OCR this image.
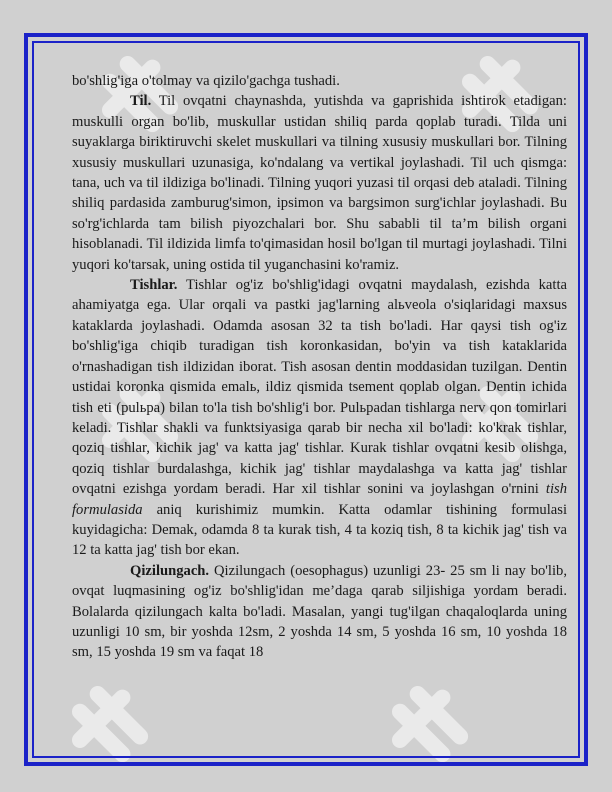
bo'shlig'iga o'tolmay va qizilo'gachga tushadi.

Til. Til ovqatni chaynashda, yutishda va gaprishida ishtirok etadigan: muskulli organ bo'lib, muskullar ustidan shiliq parda qoplab turadi. Tilda uni suyaklarga biriktiruvchi skelet muskullari va tilning xususiy muskullari bor. Tilning xususiy muskullari uzunasiga, ko'ndalang va vertikal joylashadi. Til uch qismga: tana, uch va til ildiziga bo'linadi. Tilning yuqori yuzasi til orqasi deb ataladi. Tilning shiliq pardasida zamburug'simon, ipsimon va bargsimon surg'ichlar joylashadi. Bu so'rg'ichlarda tam bilish piyozchalari bor. Shu sababli til ta’m bilish organi hisoblanadi. Til ildizida limfa to'qimasidan hosil bo'lgan til murtagi joylashadi. Tilni yuqori ko'tarsak, uning ostida til yuganchasini ko'ramiz.

Tishlar. Tishlar og'iz bo'shlig'idagi ovqatni maydalash, ezishda katta ahamiyatga ega. Ular orqali va pastki jag'larning alьveola o'siqlaridagi maxsus kataklarda joylashadi. Odamda asosan 32 ta tish bo'ladi. Har qaysi tish og'iz bo'shlig'iga chiqib turadigan tish koronkasidan, bo'yin va tish kataklarida o'rnashadigan tish ildizidan iborat. Tish asosan dentin moddasidan tuzilgan. Dentin ustidai koronka qismida emalь, ildiz qismida tsement qoplab olgan. Dentin ichida tish eti (pulьpa) bilan to'la tish bo'shlig'i bor. Pulьpadan tishlarga nerv qon tomirlari keladi. Tishlar shakli va funktsiyasiga qarab bir necha xil bo'ladi: ko'krak tishlar, qoziq tishlar, kichik jag' va katta jag' tishlar. Kurak tishlar ovqatni kesib olishga, qoziq tishlar burdalashga, kichik jag' tishlar maydalashga va katta jag' tishlar ovqatni ezishga yordam beradi. Har xil tishlar sonini va joylashgan o'rnini tish formulasida aniq kurishimiz mumkin. Katta odamlar tishining formulasi kuyidagicha: Demak, odamda 8 ta kurak tish, 4 ta koziq tish, 8 ta kichik jag' tish va 12 ta katta jag' tish bor ekan.

Qizilungach. Qizilungach (oesophagus) uzunligi 23- 25 sm li nay bo'lib, ovqat luqmasining og'iz bo'shlig'idan me’daga qarab siljishiga yordam beradi. Bolalarda qizilungach kalta bo'ladi. Masalan, yangi tug'ilgan chaqaloqlarda uning uzunligi 10 sm, bir yoshda 12sm, 2 yoshda 14 sm, 5 yoshda 16 sm, 10 yoshda 18 sm, 15 yoshda 19 sm va faqat 18
